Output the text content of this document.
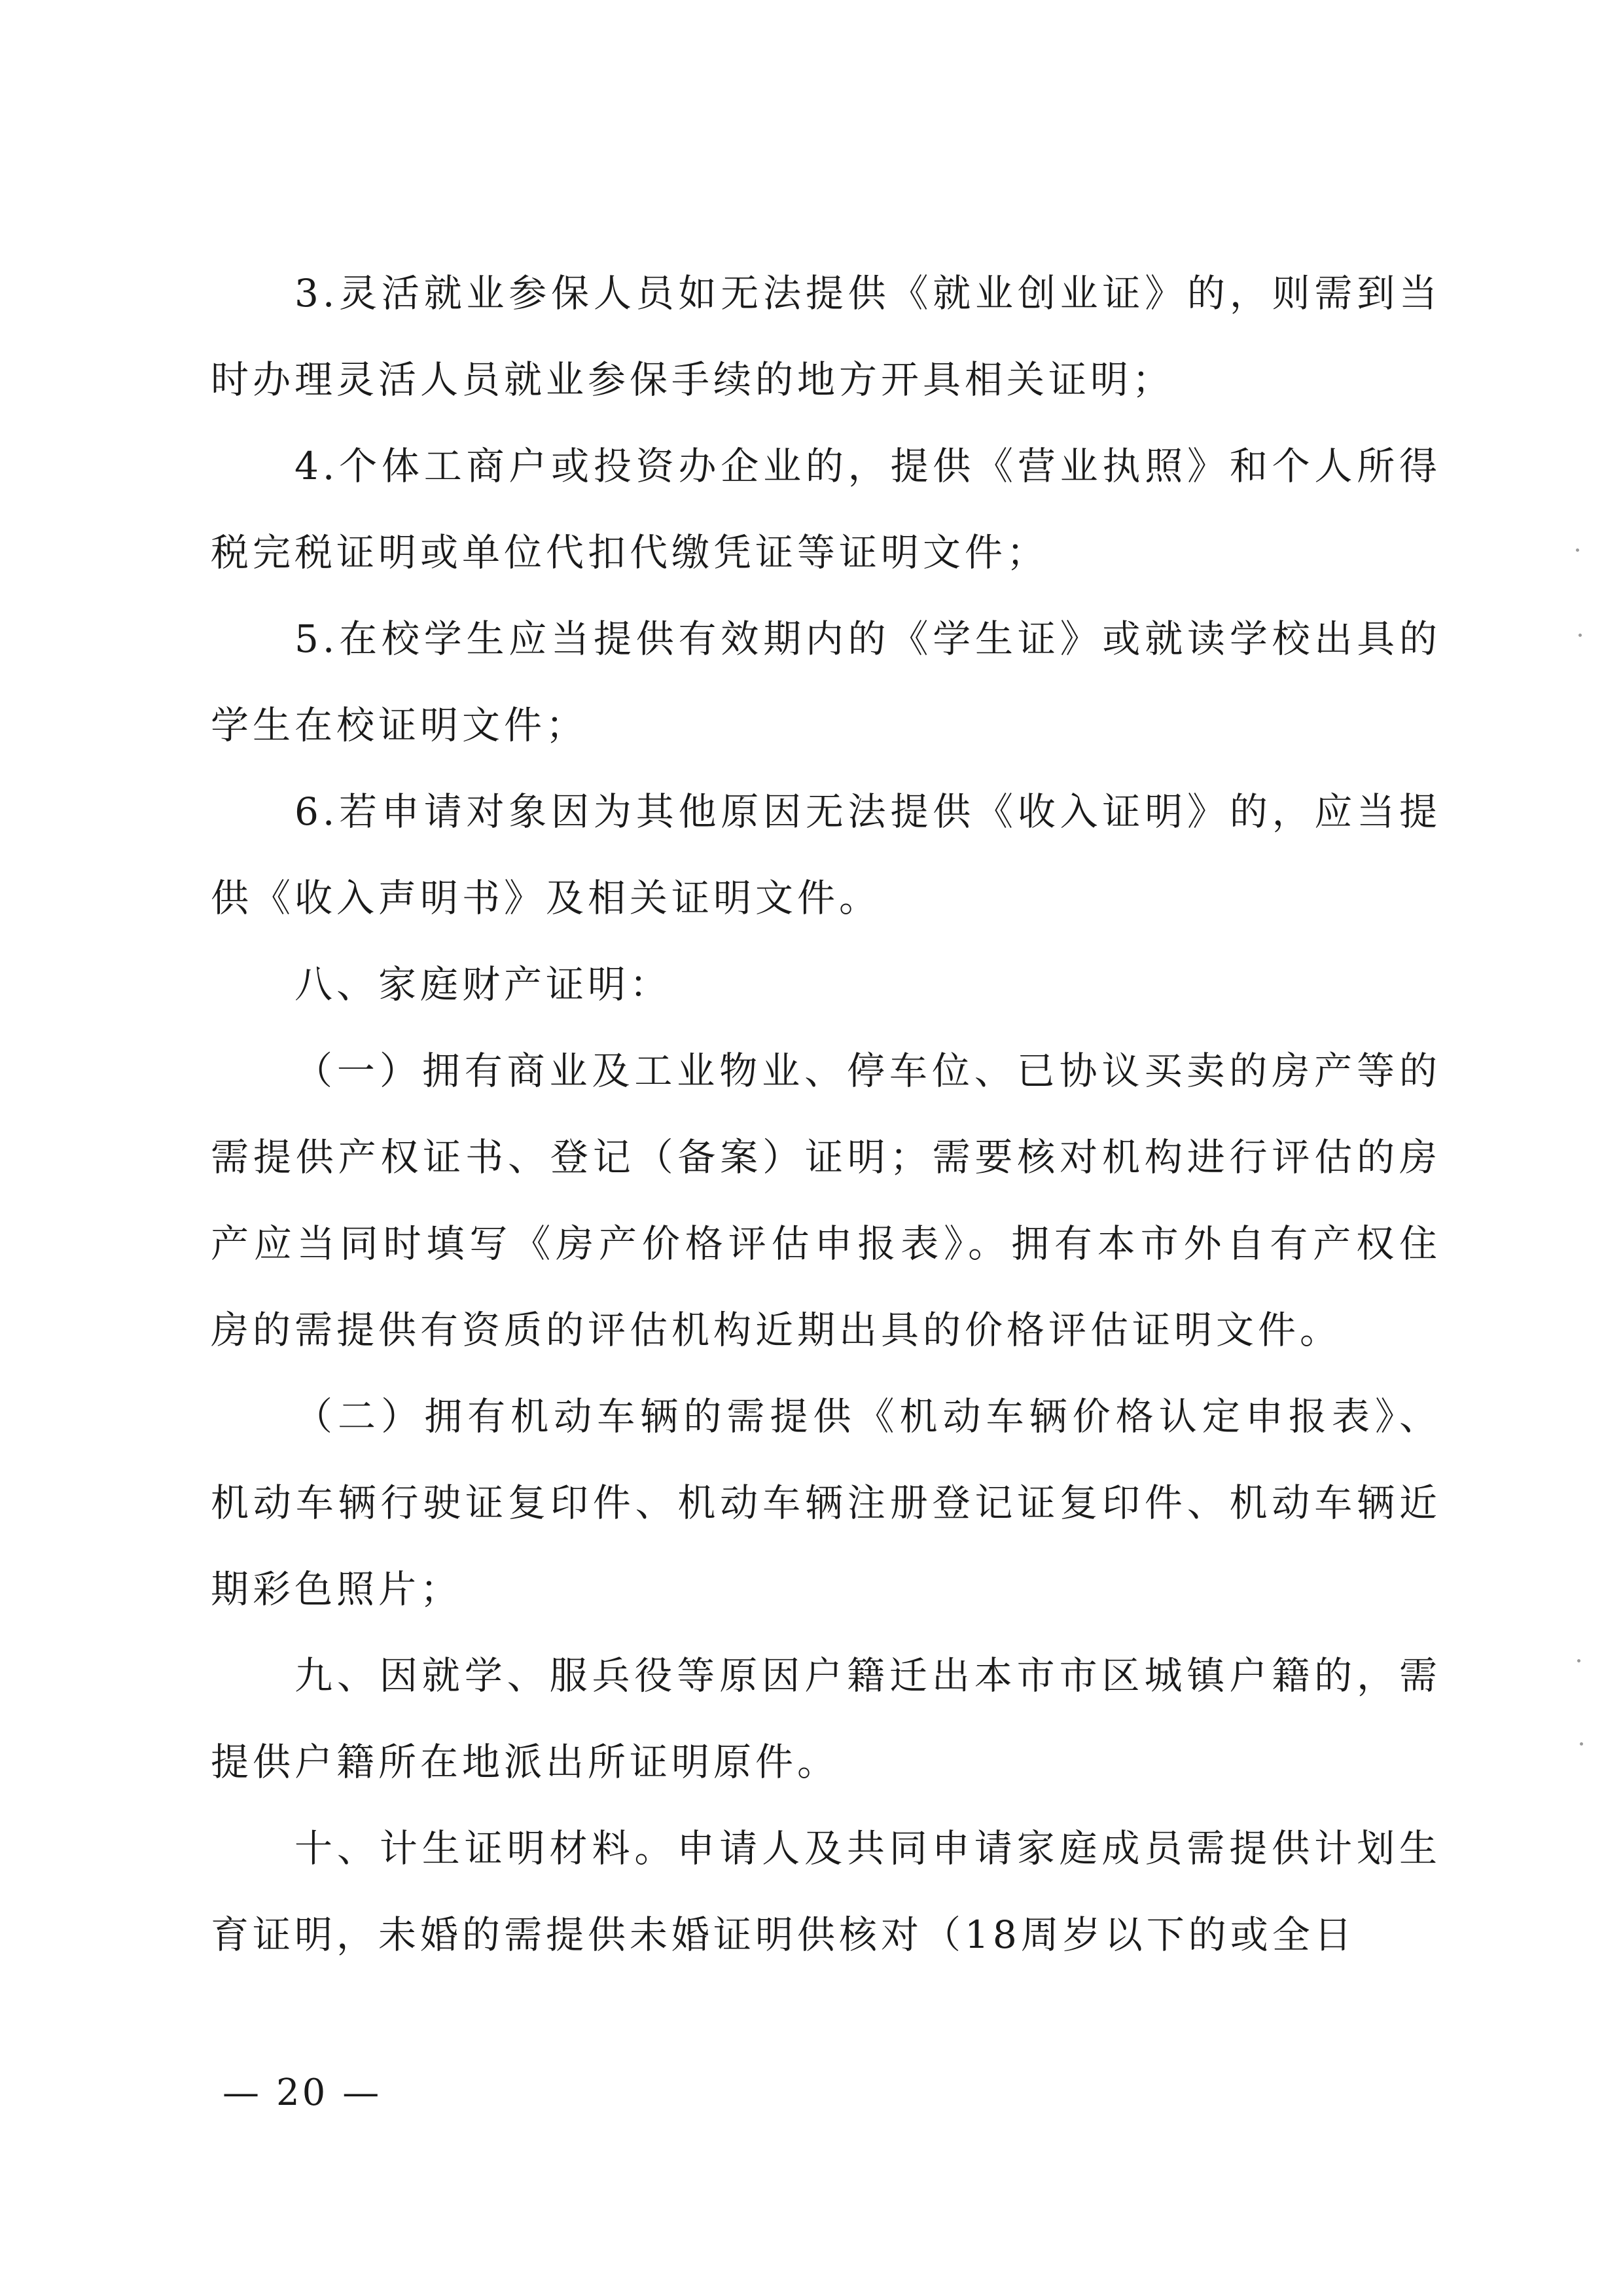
3.灵活就业参保人员如无法提供《就业创业证》的，则需到当时办理灵活人员就业参保手续的地方开具相关证明；

4.个体工商户或投资办企业的，提供《营业执照》和个人所得税完税证明或单位代扣代缴凭证等证明文件；

5.在校学生应当提供有效期内的《学生证》或就读学校出具的学生在校证明文件；

6.若申请对象因为其他原因无法提供《收入证明》的，应当提供《收入声明书》及相关证明文件。

八、家庭财产证明：

（一）拥有商业及工业物业、停车位、已协议买卖的房产等的需提供产权证书、登记（备案）证明；需要核对机构进行评估的房产应当同时填写《房产价格评估申报表》。拥有本市外自有产权住房的需提供有资质的评估机构近期出具的价格评估证明文件。

（二）拥有机动车辆的需提供《机动车辆价格认定申报表》、机动车辆行驶证复印件、机动车辆注册登记证复印件、机动车辆近期彩色照片；

九、因就学、服兵役等原因户籍迁出本市市区城镇户籍的，需提供户籍所在地派出所证明原件。

十、计生证明材料。申请人及共同申请家庭成员需提供计划生育证明，未婚的需提供未婚证明供核对（18周岁以下的或全日

— 20 —
